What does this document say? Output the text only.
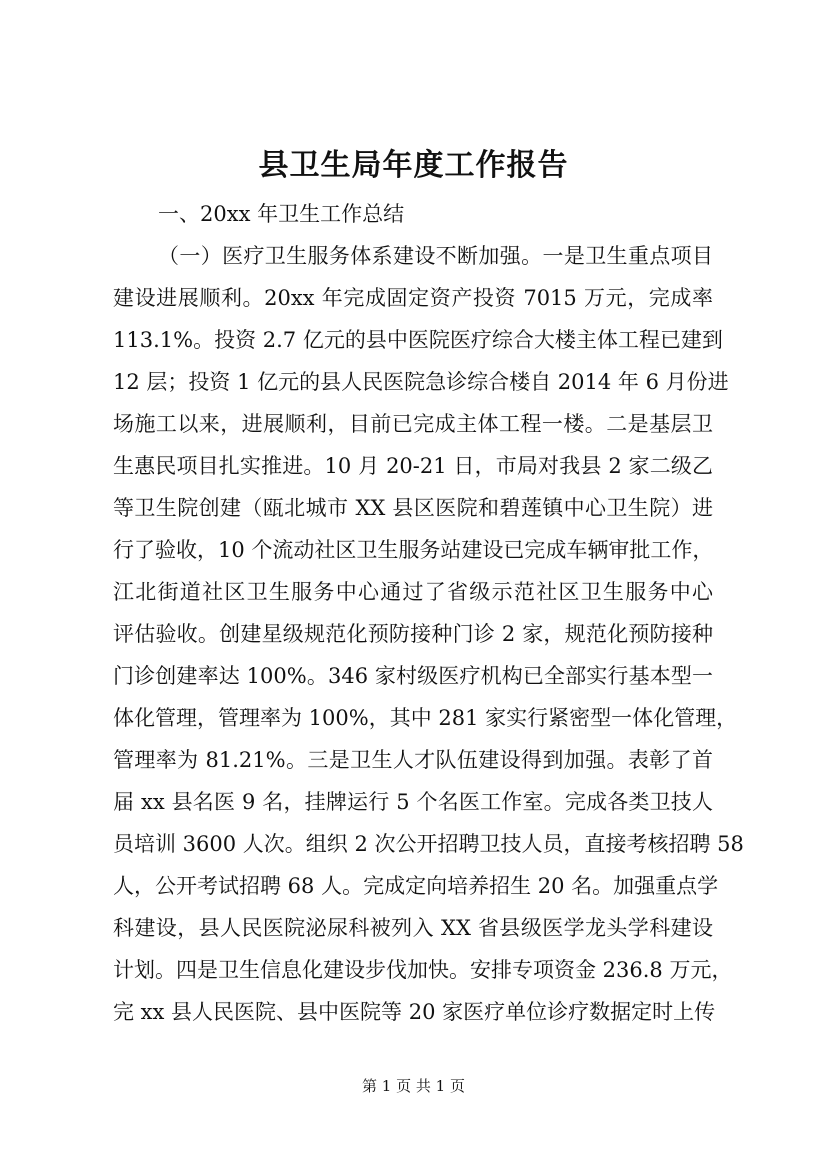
县卫生局年度工作报告
一、20xx 年卫生工作总结
（一）医疗卫生服务体系建设不断加强。一是卫生重点项目
建设进展顺利。20xx 年完成固定资产投资 7015 万元，完成率
113.1%。投资 2.7 亿元的县中医院医疗综合大楼主体工程已建到
12 层；投资 1 亿元的县人民医院急诊综合楼自 2014 年 6 月份进
场施工以来，进展顺利，目前已完成主体工程一楼。二是基层卫
生惠民项目扎实推进。10 月 20-21 日，市局对我县 2 家二级乙
等卫生院创建（瓯北城市 XX 县区医院和碧莲镇中心卫生院）进
行了验收，10 个流动社区卫生服务站建设已完成车辆审批工作，
江北街道社区卫生服务中心通过了省级示范社区卫生服务中心
评估验收。创建星级规范化预防接种门诊 2 家，规范化预防接种
门诊创建率达 100%。346 家村级医疗机构已全部实行基本型一
体化管理，管理率为 100%，其中 281 家实行紧密型一体化管理，
管理率为 81.21%。三是卫生人才队伍建设得到加强。表彰了首
届 xx 县名医 9 名，挂牌运行 5 个名医工作室。完成各类卫技人
员培训 3600 人次。组织 2 次公开招聘卫技人员，直接考核招聘 58
人，公开考试招聘 68 人。完成定向培养招生 20 名。加强重点学
科建设，县人民医院泌尿科被列入 XX 省县级医学龙头学科建设
计划。四是卫生信息化建设步伐加快。安排专项资金 236.8 万元，
完 xx 县人民医院、县中医院等 20 家医疗单位诊疗数据定时上传
第 1 页 共 1 页
